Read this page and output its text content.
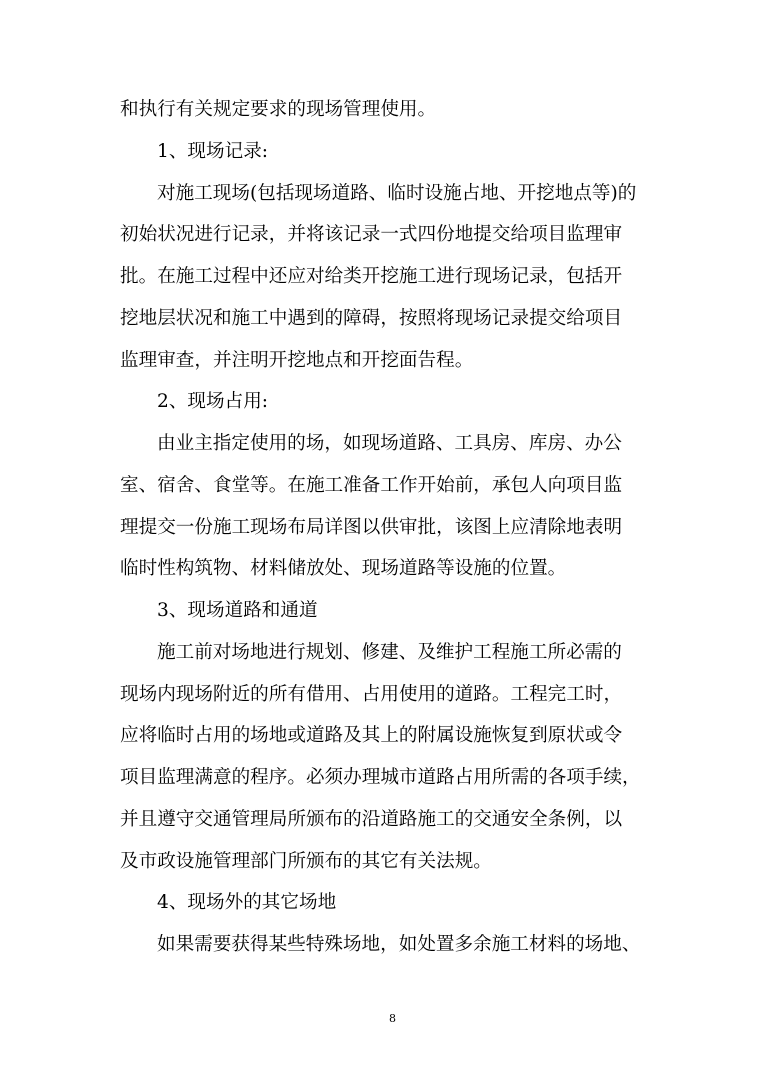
和执行有关规定要求的现场管理使用。
1、现场记录:
对施工现场(包括现场道路、临时设施占地、开挖地点等)的
初始状况进行记录，并将该记录一式四份地提交给项目监理审
批。在施工过程中还应对给类开挖施工进行现场记录，包括开
挖地层状况和施工中遇到的障碍，按照将现场记录提交给项目
监理审查，并注明开挖地点和开挖面告程。
2、现场占用:
由业主指定使用的场，如现场道路、工具房、库房、办公
室、宿舍、食堂等。在施工准备工作开始前，承包人向项目监
理提交一份施工现场布局详图以供审批，该图上应清除地表明
临时性构筑物、材料储放处、现场道路等设施的位置。
3、现场道路和通道
施工前对场地进行规划、修建、及维护工程施工所必需的
现场内现场附近的所有借用、占用使用的道路。工程完工时，
应将临时占用的场地或道路及其上的附属设施恢复到原状或令
项目监理满意的程序。必须办理城市道路占用所需的各项手续，
并且遵守交通管理局所颁布的沿道路施工的交通安全条例，以
及市政设施管理部门所颁布的其它有关法规。
4、现场外的其它场地
如果需要获得某些特殊场地，如处置多余施工材料的场地、
8
